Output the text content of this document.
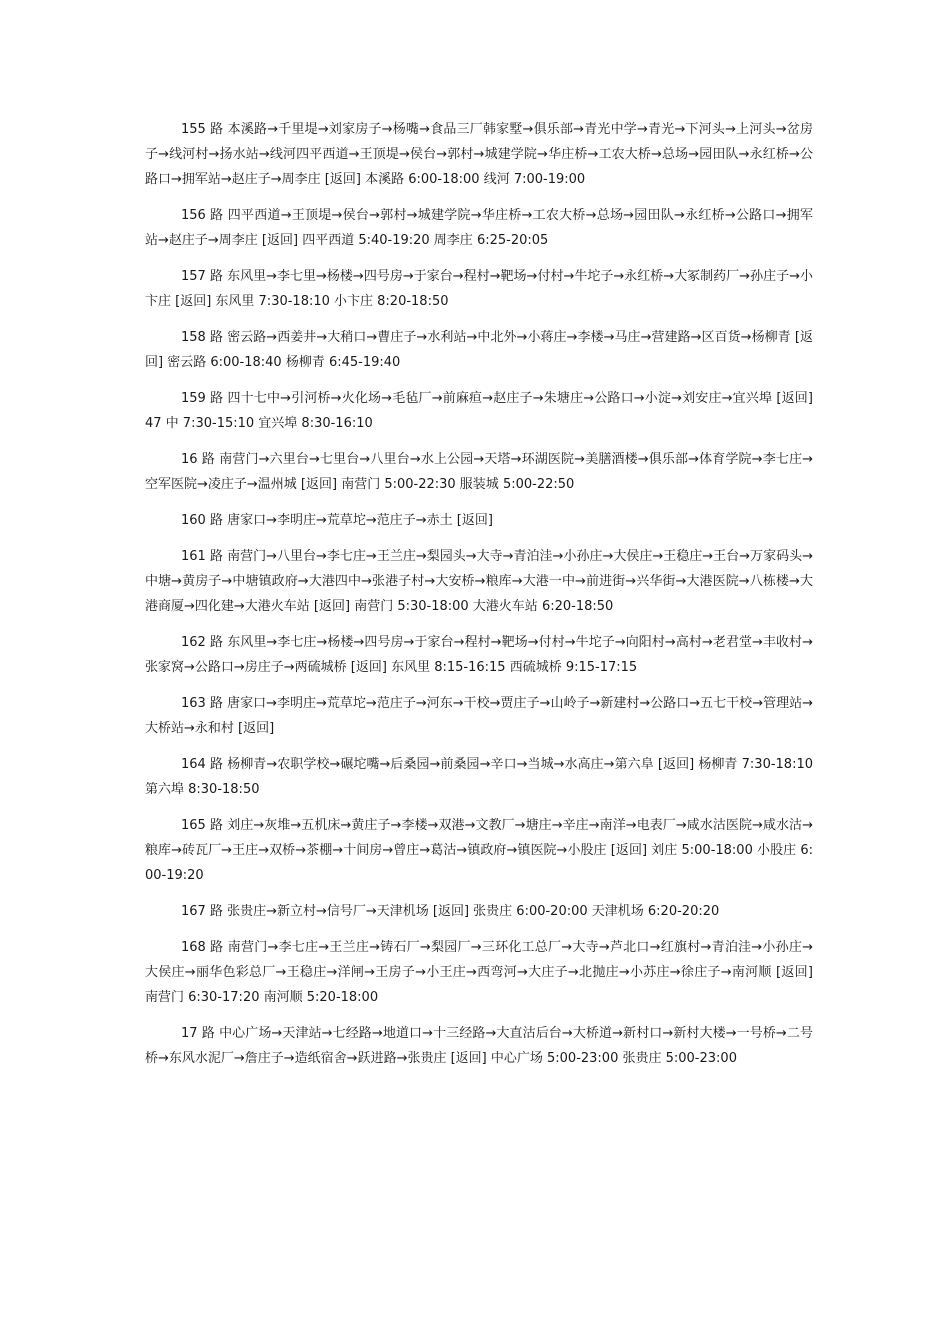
155 路 本溪路→千里堤→刘家房子→杨嘴→食品三厂韩家墅→俱乐部→青光中学→青光→下河头→上河头→岔房子→线河村→扬水站→线河四平西道→王顶堤→侯台→郭村→城建学院→华庄桥→工农大桥→总场→园田队→永红桥→公路口→拥军站→赵庄子→周李庄 [返回] 本溪路 6:00-18:00 线河 7:00-19:00

156 路 四平西道→王顶堤→侯台→郭村→城建学院→华庄桥→工农大桥→总场→园田队→永红桥→公路口→拥军站→赵庄子→周李庄 [返回] 四平西道 5:40-19:20 周李庄 6:25-20:05

157 路 东风里→李七里→杨楼→四号房→于家台→程村→靶场→付村→牛坨子→永红桥→大冢制药厂→孙庄子→小卞庄 [返回] 东风里 7:30-18:10 小卞庄 8:20-18:50

158 路 密云路→西姜井→大稍口→曹庄子→水利站→中北外→小蒋庄→李楼→马庄→营建路→区百货→杨柳青 [返回] 密云路 6:00-18:40 杨柳青 6:45-19:40

159 路 四十七中→引河桥→火化场→毛毡厂→前麻疸→赵庄子→朱塘庄→公路口→小淀→刘安庄→宜兴埠 [返回] 47 中 7:30-15:10 宜兴埠 8:30-16:10

16 路 南营门→六里台→七里台→八里台→水上公园→天塔→环湖医院→美膳酒楼→俱乐部→体育学院→李七庄→空军医院→凌庄子→温州城 [返回] 南营门 5:00-22:30 服装城 5:00-22:50

160 路 唐家口→李明庄→荒草坨→范庄子→赤土 [返回]

161 路 南营门→八里台→李七庄→王兰庄→梨园头→大寺→青泊洼→小孙庄→大侯庄→王稳庄→王台→万家码头→中塘→黄房子→中塘镇政府→大港四中→张港子村→大安桥→粮库→大港一中→前进街→兴华街→大港医院→八栋楼→大港商厦→四化建→大港火车站 [返回] 南营门 5:30-18:00 大港火车站 6:20-18:50

162 路 东风里→李七庄→杨楼→四号房→于家台→程村→靶场→付村→牛坨子→向阳村→高村→老君堂→丰收村→张家窝→公路口→房庄子→两硫城桥 [返回] 东风里 8:15-16:15 西硫城桥 9:15-17:15

163 路 唐家口→李明庄→荒草坨→范庄子→河东→干校→贾庄子→山岭子→新建村→公路口→五七干校→管理站→大桥站→永和村 [返回]

164 路 杨柳青→农职学校→碾坨嘴→后桑园→前桑园→辛口→当城→水高庄→第六阜 [返回] 杨柳青 7:30-18:10 第六埠 8:30-18:50

165 路 刘庄→灰堆→五机床→黄庄子→李楼→双港→文教厂→塘庄→辛庄→南洋→电表厂→咸水沽医院→咸水沽→粮库→砖瓦厂→王庄→双桥→茶棚→十间房→曾庄→葛沽→镇政府→镇医院→小股庄 [返回] 刘庄 5:00-18:00 小股庄 6:00-19:20

167 路 张贵庄→新立村→信号厂→天津机场 [返回] 张贵庄 6:00-20:00 天津机场 6:20-20:20

168 路 南营门→李七庄→王兰庄→铸石厂→梨园厂→三环化工总厂→大寺→芦北口→红旗村→青泊洼→小孙庄→大侯庄→丽华色彩总厂→王稳庄→洋闸→王房子→小王庄→西弯河→大庄子→北抛庄→小苏庄→徐庄子→南河顺 [返回] 南营门 6:30-17:20 南河顺 5:20-18:00

17 路 中心广场→天津站→七经路→地道口→十三经路→大直沽后台→大桥道→新村口→新村大楼→一号桥→二号桥→东风水泥厂→詹庄子→造纸宿舍→跃进路→张贵庄 [返回] 中心广场 5:00-23:00 张贵庄 5:00-23:00
